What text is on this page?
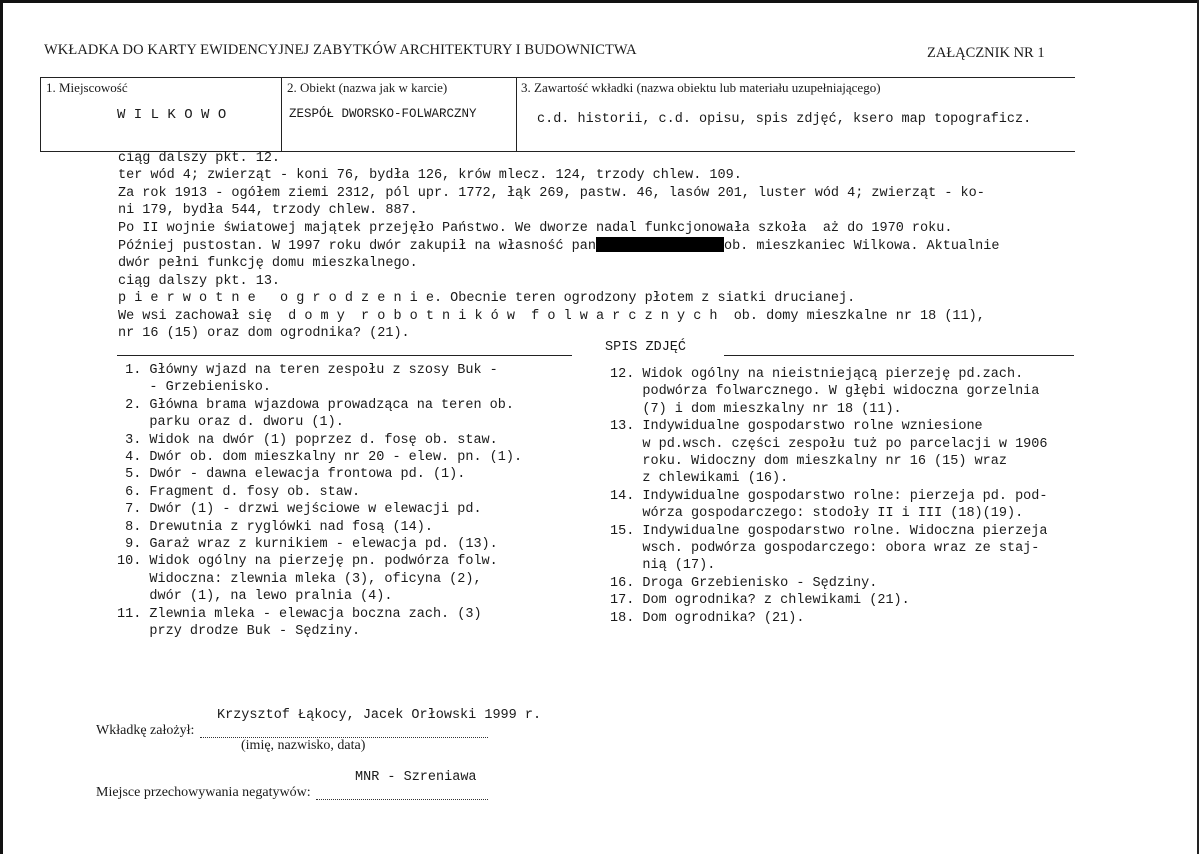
WKŁADKA DO KARTY EWIDENCYJNEJ ZABYTKÓW ARCHITEKTURY I BUDOWNICTWA	ZAŁĄCZNIK NR 1
1. Miejscowość	2. Obiekt (nazwa jak w karcie)	3. Zawartość wkładki (nazwa obiektu lub materiału uzupełniającego)
W I L K O W O	ZESPÓŁ DWORSKO-FOLWARCZNY	c.d. historii, c.d. opisu, spis zdjęć, ksero map topograficz.
ciąg dalszy pkt. 12.
ter wód 4; zwierząt - koni 76, bydła 126, krów mlecz. 124, trzody chlew. 109.
Za rok 1913 - ogółem ziemi 2312, pól upr. 1772, łąk 269, pastw. 46, lasów 201, luster wód 4; zwierząt - ko-
ni 179, bydła 544, trzody chlew. 887.
Po II wojnie światowej majątek przejęło Państwo. We dworze nadal funkcjonowała szkoła  aż do 1970 roku.
Później pustostan. W 1997 roku dwór zakupił na własność pan	ob. mieszkaniec Wilkowa. Aktualnie
dwór pełni funkcję domu mieszkalnego.
ciąg dalszy pkt. 13.
p i e r w o t n e   o g r o d z e n i e. Obecnie teren ogrodzony płotem z siatki drucianej.
We wsi zachował się  d o m y  r o b o t n i k ó w  f o l w a r c z n y c h  ob. domy mieszkalne nr 18 (11),
nr 16 (15) oraz dom ogrodnika? (21).
SPIS ZDJĘĆ
1. Główny wjazd na teren zespołu z szosy Buk -
- Grzebienisko.
2. Główna brama wjazdowa prowadząca na teren ob.
parku oraz d. dworu (1).
3. Widok na dwór (1) poprzez d. fosę ob. staw.
4. Dwór ob. dom mieszkalny nr 20 - elew. pn. (1).
5. Dwór - dawna elewacja frontowa pd. (1).
6. Fragment d. fosy ob. staw.
7. Dwór (1) - drzwi wejściowe w elewacji pd.
8. Drewutnia z ryglówki nad fosą (14).
9. Garaż wraz z kurnikiem - elewacja pd. (13).
10. Widok ogólny na pierzeję pn. podwórza folw.
Widoczna: zlewnia mleka (3), oficyna (2),
dwór (1), na lewo pralnia (4).
11. Zlewnia mleka - elewacja boczna zach. (3)
przy drodze Buk - Sędziny.
12. Widok ogólny na nieistniejącą pierzeję pd.zach.
podwórza folwarcznego. W głębi widoczna gorzelnia
(7) i dom mieszkalny nr 18 (11).
13. Indywidualne gospodarstwo rolne wzniesione
w pd.wsch. części zespołu tuż po parcelacji w 1906
roku. Widoczny dom mieszkalny nr 16 (15) wraz
z chlewikami (16).
14. Indywidualne gospodarstwo rolne: pierzeja pd. pod-
wórza gospodarczego: stodoły II i III (18)(19).
15. Indywidualne gospodarstwo rolne. Widoczna pierzeja
wsch. podwórza gospodarczego: obora wraz ze staj-
nią (17).
16. Droga Grzebienisko - Sędziny.
17. Dom ogrodnika? z chlewikami (21).
18. Dom ogrodnika? (21).
Krzysztof Łąkocy, Jacek Orłowski 1999 r.
Wkładkę założył:
(imię, nazwisko, data)
MNR - Szreniawa
Miejsce przechowywania negatywów:
